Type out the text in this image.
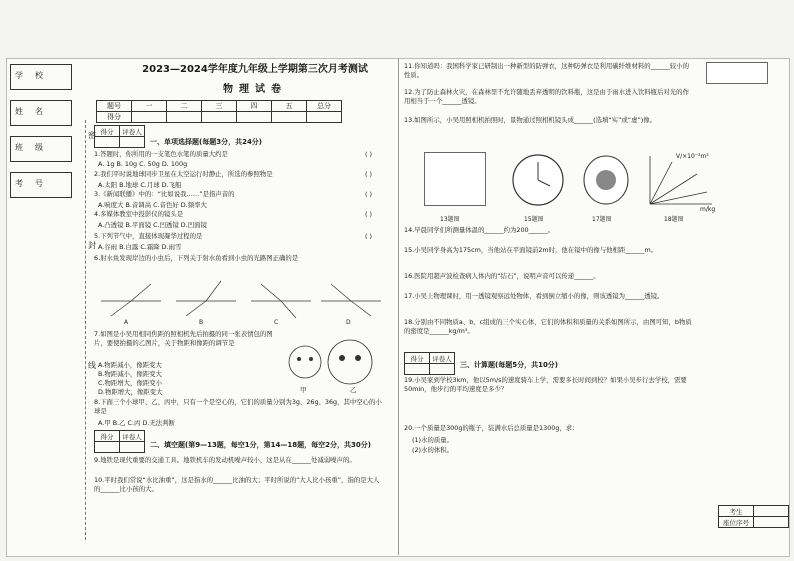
学校
姓名
班级
考号
密
封
线
2023—2024学年度九年级上学期第三次月考测试
物理试卷
题号	一	二	三	四	五	总分
得分						
得分	评卷人

一、单项选择题(每题3分，共24分)
1.答题时，你所用的一支笔色水笔的质量大约是
A. 1g B. 10g C. 50g D. 100g
2.我们平时说地球同步卫星在太空运行时静止，所选的参照物是
A.太阳 B.地球 C.月球 D.飞船
3.《新闻联播》中的：“比如说我……”是指声音的
A.响度大 B.音调高 C.音色好 D.频率大
4.多媒体教室中投影仪的镜头是
A.凸透镜 B.平面镜 C.凹透镜 D.凹面镜
5.下列节气中，直接体现凝华过程的是
A.谷雨 B.白露 C.霜降 D.雨雪
6.射水鱼发现岸边的小虫后，下列关于射水鱼看到小虫的光路图正确的是
A	B	C	D
7.如图是小吴用相同焦距的照相机先后拍摄的同一张表情包的图片，要使拍摄的乙图片，关于物距和像距的调节是
甲	乙
A.物距减小，像距变大
B.物距减小，像距变大
C.物距增大，像距变小
D.物距增大，像距变大
8.下面三个小球甲、乙、丙中，只有一个是空心的，它们的质量分别为3g、26g、36g，其中空心的小球是
A.甲 B.乙 C.丙 D.无法判断
( )
( )
( )
( )
( )
得分	评卷人

二、填空题(第9—13题，每空1分，第14—18题，每空2分，共30分)
9.地铁是现代重要的交通工具。地铁机车的发动机噪声较小，这是从在______处减弱噪声的。
10.平时我们常说“水比油重”，这是指水的______比油的大；平时所说的“大人比小孩重”，指的是大人的______比小孩的大。
11.你知道吗：我国科学家已研制出一种新型的防弹衣，这种防弹衣是利用碳纤维材料的______较小的性质。
12.为了防止森林火灾，在森林里不允许随地丢弃透明的饮料瓶，这是由于雨水进入饮料瓶后对光的作用相当于一个______透镜。
13.如图所示，小吴用照相机拍照时，景物通过照相机镜头成______(选填“实”或“虚”)像。
V/×10⁻³m³
m/kg
13题图	15题图	17题图	18题图
14.早晨同学们所测量体温的______约为200______。
15.小吴同学身高为175cm，当他站在平面镜前2m时，他在镜中的像与他相距______m。
16.医院用超声波检查病人体内的“结石”，说明声音可以传递______。
17.小吴上物理课时，用一透镜观察远处物体，看到倒立缩小的像，则该透镜为______透镜。
18.分别由不同物质a、b、c组成的三个实心体，它们的体积和质量的关系如图所示，由图可知，b物质的密度是______kg/m³。
得分	评卷人

三、计算题(每题5分，共10分)
19.小吴家到学校3km，他以5m/s的速度骑车上学，需要多长时间到校？如果小吴步行去学校，需要50min，他步行的平均速度是多少？
20.一个质量是300g的瓶子，装满水后总质量是1300g，求：
(1)水的质量。
(2)水的体积。
考生	
座位序号	
